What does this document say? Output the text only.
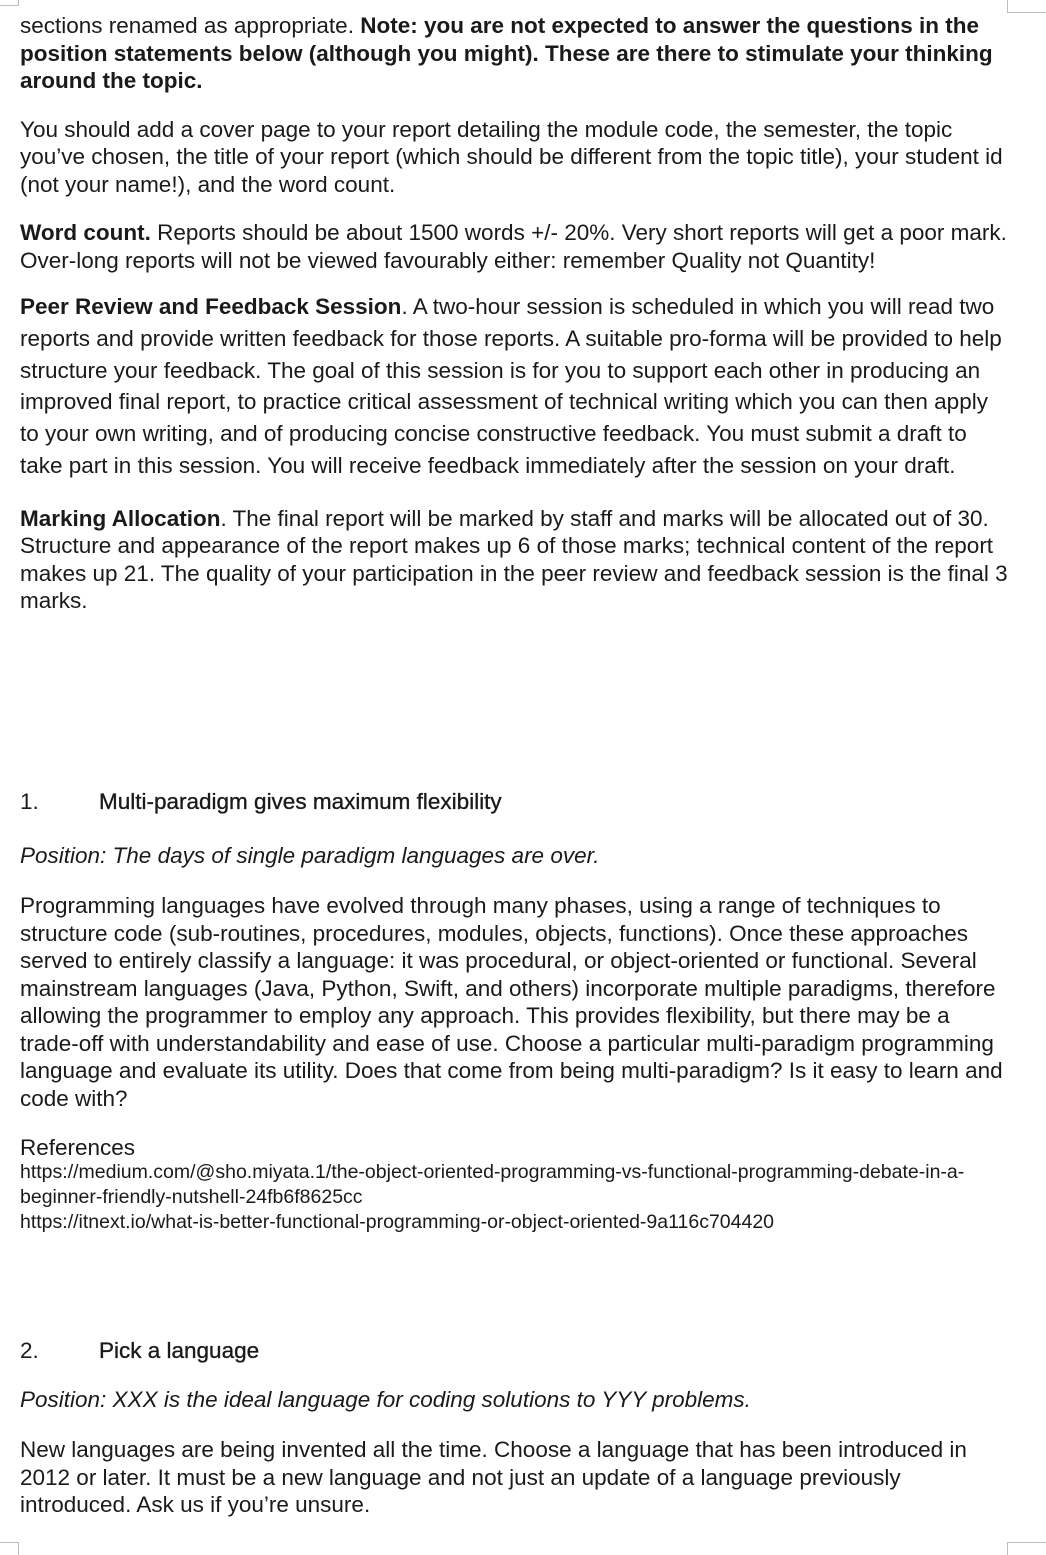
sections renamed as appropriate. Note: you are not expected to answer the questions in the position statements below (although you might). These are there to stimulate your thinking around the topic.

You should add a cover page to your report detailing the module code, the semester, the topic you’ve chosen, the title of your report (which should be different from the topic title), your student id (not your name!), and the word count.

Word count. Reports should be about 1500 words +/- 20%. Very short reports will get a poor mark. Over-long reports will not be viewed favourably either: remember Quality not Quantity!

Peer Review and Feedback Session. A two-hour session is scheduled in which you will read two reports and provide written feedback for those reports. A suitable pro-forma will be provided to help structure your feedback. The goal of this session is for you to support each other in producing an improved final report, to practice critical assessment of technical writing which you can then apply to your own writing, and of producing concise constructive feedback. You must submit a draft to take part in this session. You will receive feedback immediately after the session on your draft.

Marking Allocation. The final report will be marked by staff and marks will be allocated out of 30. Structure and appearance of the report makes up 6 of those marks; technical content of the report makes up 21. The quality of your participation in the peer review and feedback session is the final 3 marks.

1.	Multi-paradigm gives maximum flexibility

Position: The days of single paradigm languages are over.

Programming languages have evolved through many phases, using a range of techniques to structure code (sub-routines, procedures, modules, objects, functions). Once these approaches served to entirely classify a language: it was procedural, or object-oriented or functional. Several mainstream languages (Java, Python, Swift, and others) incorporate multiple paradigms, therefore allowing the programmer to employ any approach. This provides flexibility, but there may be a trade-off with understandability and ease of use. Choose a particular multi-paradigm programming language and evaluate its utility. Does that come from being multi-paradigm? Is it easy to learn and code with?

References

https://medium.com/@sho.miyata.1/the-object-oriented-programming-vs-functional-programming-debate-in-a-beginner-friendly-nutshell-24fb6f8625cc
https://itnext.io/what-is-better-functional-programming-or-object-oriented-9a116c704420
2.	Pick a language

Position: XXX is the ideal language for coding solutions to YYY problems.

New languages are being invented all the time. Choose a language that has been introduced in 2012 or later. It must be a new language and not just an update of a language previously introduced. Ask us if you’re unsure.
